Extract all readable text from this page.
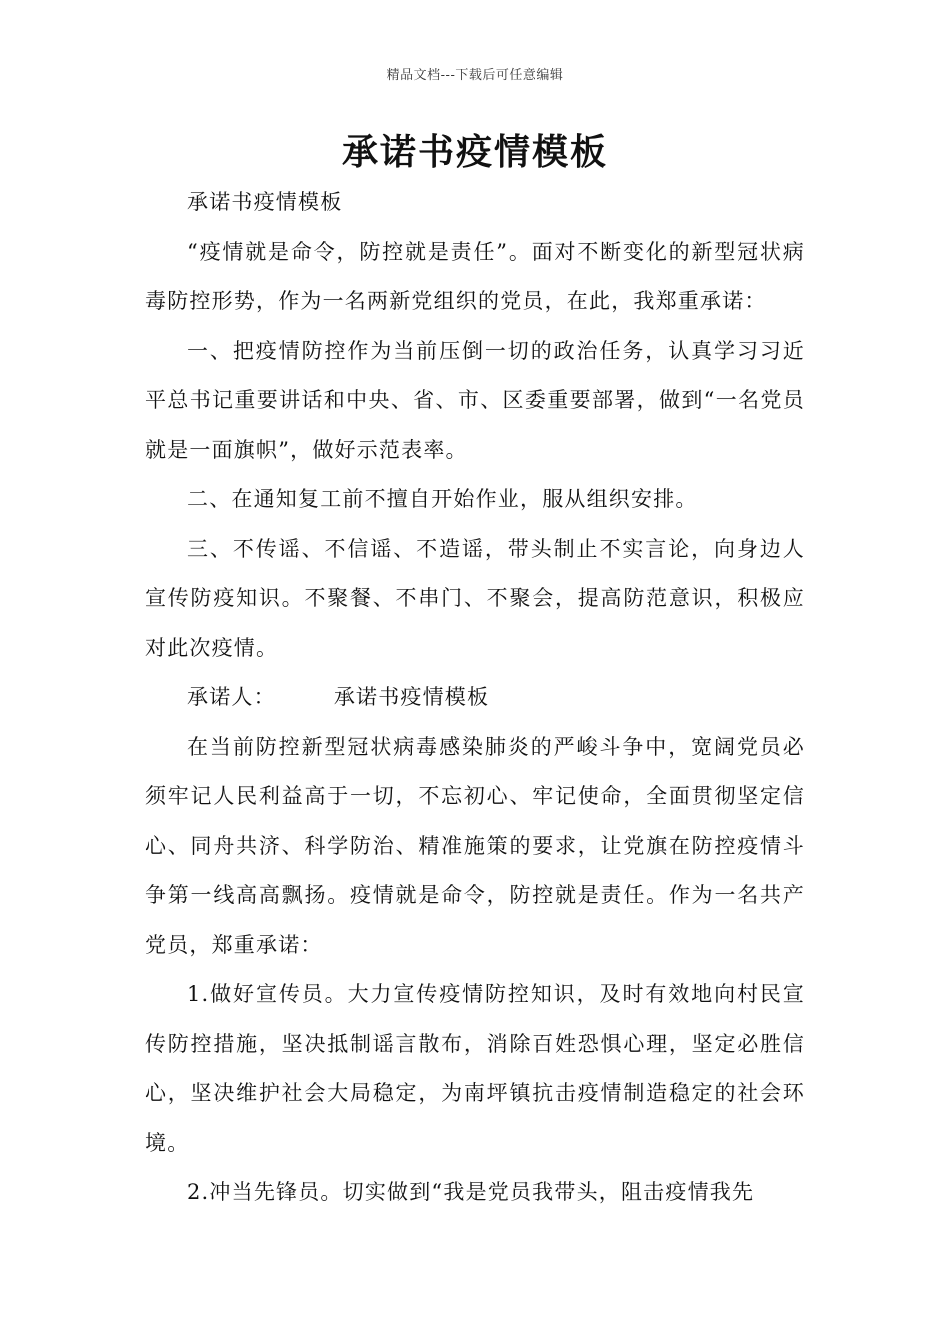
精品文档---下载后可任意编辑
承诺书疫情模板

承诺书疫情模板

“疫情就是命令，防控就是责任”。面对不断变化的新型冠状病毒防控形势，作为一名两新党组织的党员，在此，我郑重承诺：

一、把疫情防控作为当前压倒一切的政治任务，认真学习习近平总书记重要讲话和中央、省、市、区委重要部署，做到“一名党员就是一面旗帜”，做好示范表率。

二、在通知复工前不擅自开始作业，服从组织安排。

三、不传谣、不信谣、不造谣，带头制止不实言论，向身边人宣传防疫知识。不聚餐、不串门、不聚会，提高防范意识，积极应对此次疫情。

承诺人：	承诺书疫情模板

在当前防控新型冠状病毒感染肺炎的严峻斗争中，宽阔党员必须牢记人民利益高于一切，不忘初心、牢记使命，全面贯彻坚定信心、同舟共济、科学防治、精准施策的要求，让党旗在防控疫情斗争第一线高高飘扬。疫情就是命令，防控就是责任。作为一名共产党员，郑重承诺：

1.做好宣传员。大力宣传疫情防控知识，及时有效地向村民宣传防控措施，坚决抵制谣言散布，消除百姓恐惧心理，坚定必胜信心，坚决维护社会大局稳定，为南坪镇抗击疫情制造稳定的社会环境。

2.冲当先锋员。切实做到“我是党员我带头，阻击疫情我先
